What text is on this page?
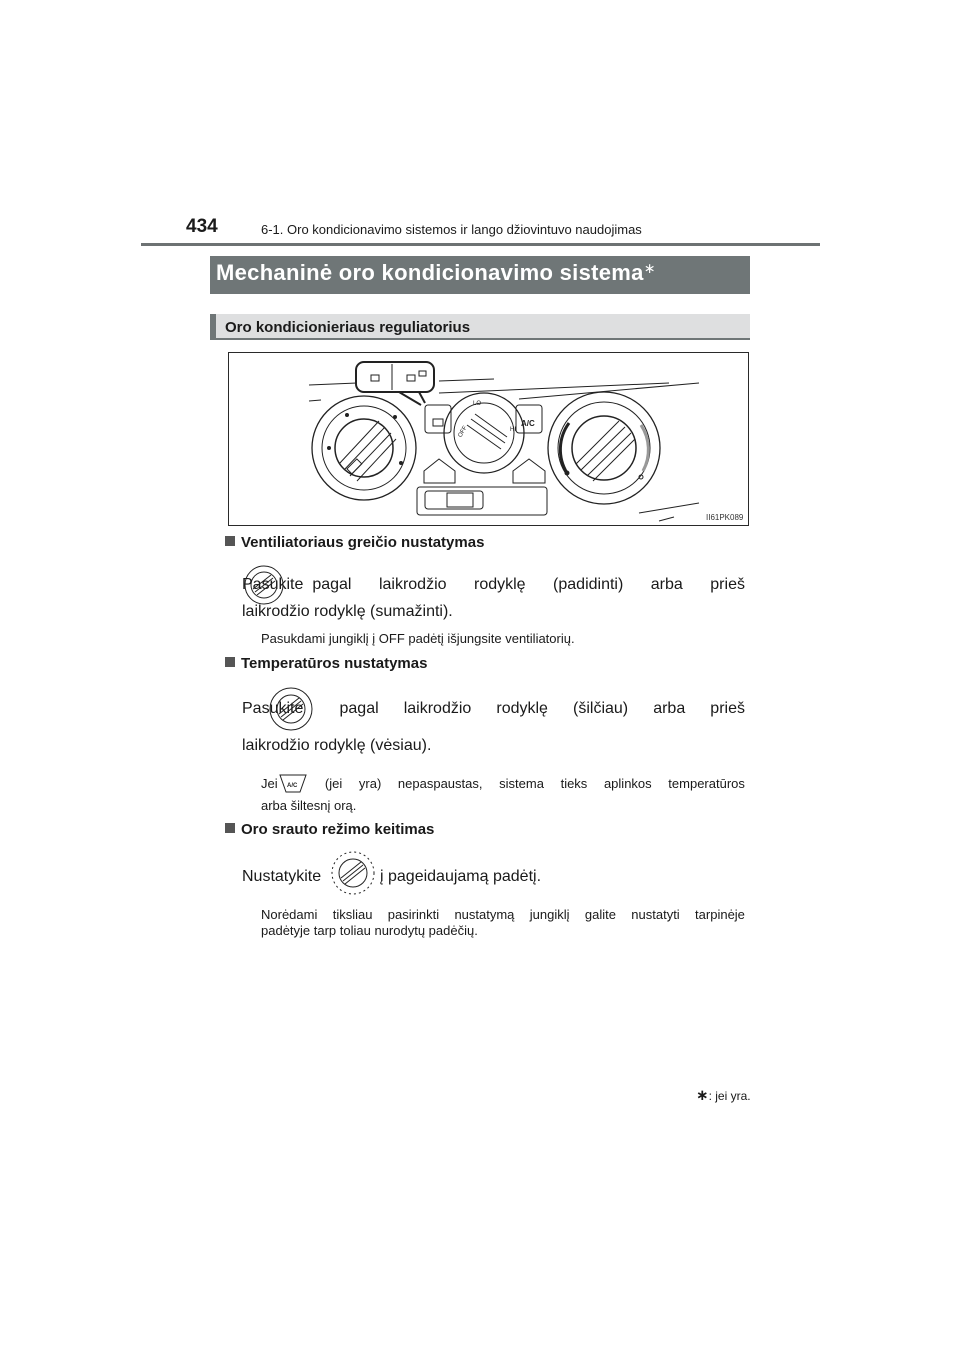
434	6-1. Oro kondicionavimo sistemos ir lango džiovintuvo naudojimas
Mechaninė oro kondicionavimo sistema∗
Oro kondicionieriaus reguliatorius
OFF
LO
HI
A/C
II61PK089
Ventiliatoriaus greičio nustatymas
Pasukite pagal laikrodžio rodyklę (padidinti) arba prieš
laikrodžio rodyklę (sumažinti).
Pasukdami jungiklį į OFF padėtį išjungsite ventiliatorių.
Temperatūros nustatymas
Pasukite pagal laikrodžio rodyklę (šilčiau) arba prieš
laikrodžio rodyklę (vėsiau).
Jei A/C (jei yra) nepaspaustas, sistema tieks aplinkos temperatūros
arba šiltesnį orą.
Oro srauto režimo keitimas
Nustatykite	į pageidaujamą padėtį.
Norėdami tiksliau pasirinkti nustatymą jungiklį galite nustatyti tarpinėje
padėtyje tarp toliau nurodytų padėčių.
∗: jei yra.
